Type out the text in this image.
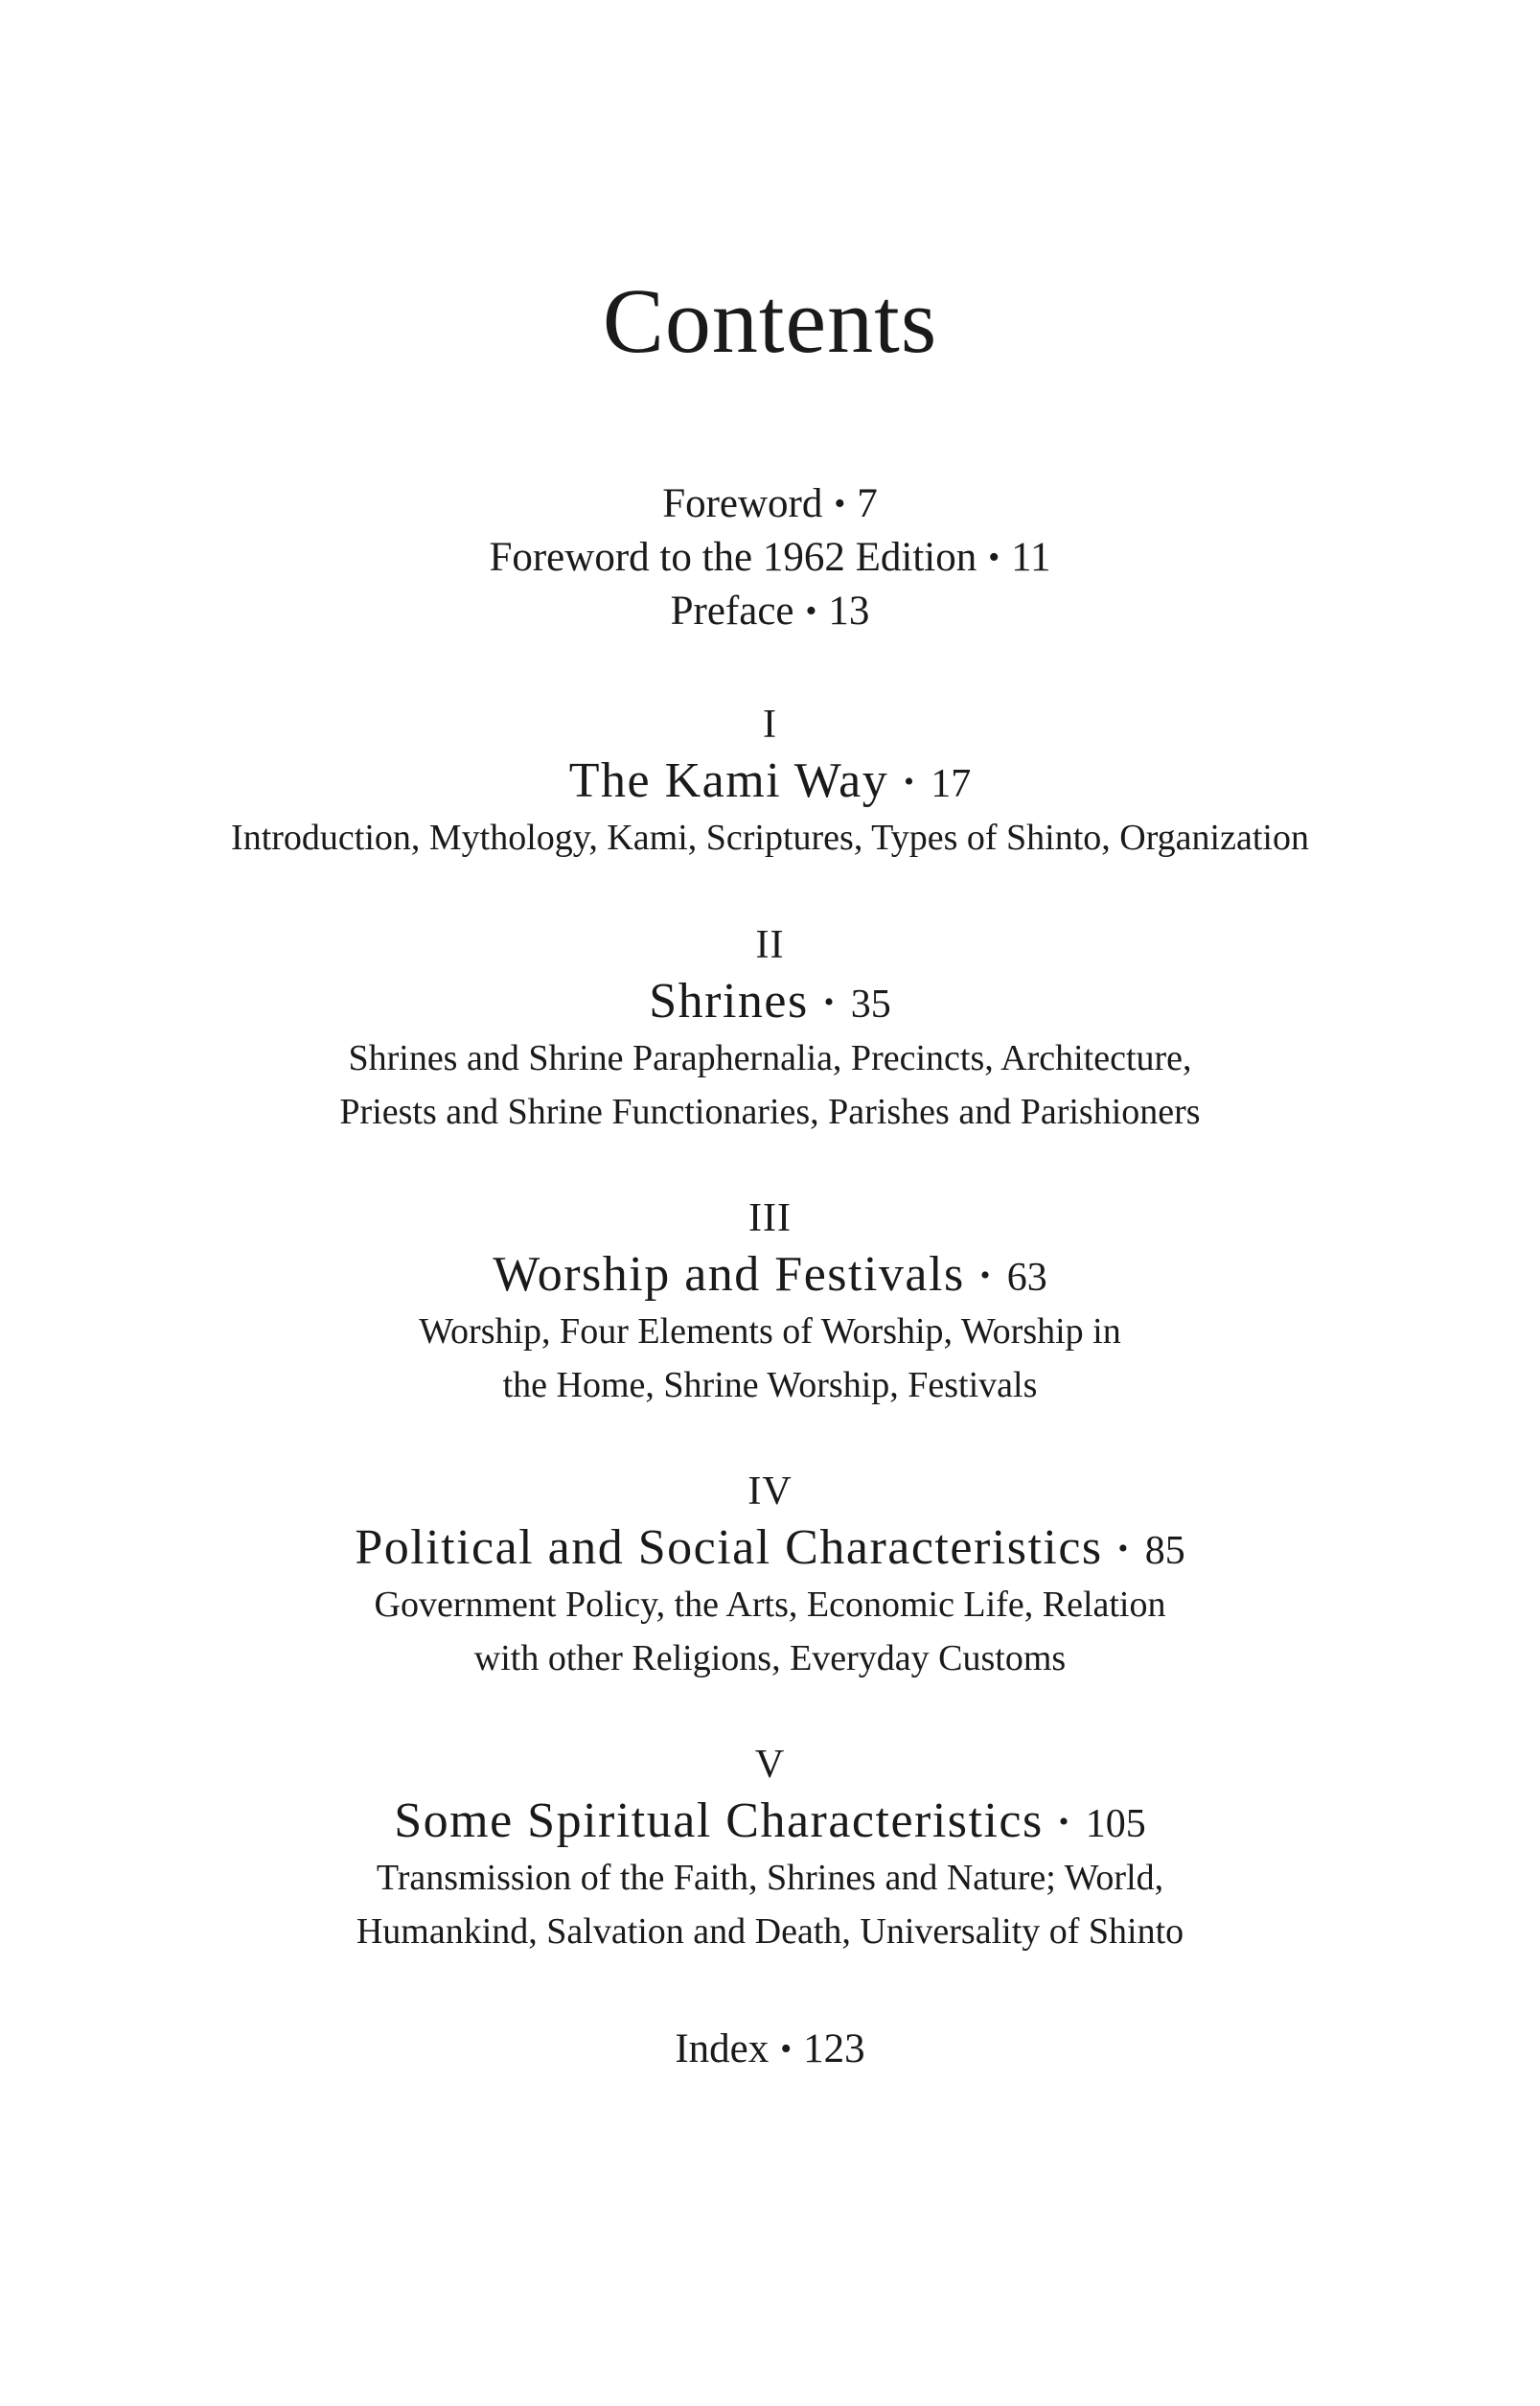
Contents
Foreword • 7
Foreword to the 1962 Edition • 11
Preface • 13
I
The Kami Way • 17
Introduction, Mythology, Kami, Scriptures, Types of Shinto, Organization
II
Shrines • 35
Shrines and Shrine Paraphernalia, Precincts, Architecture,
Priests and Shrine Functionaries, Parishes and Parishioners
III
Worship and Festivals • 63
Worship, Four Elements of Worship, Worship in
the Home, Shrine Worship, Festivals
IV
Political and Social Characteristics • 85
Government Policy, the Arts, Economic Life, Relation
with other Religions, Everyday Customs
V
Some Spiritual Characteristics • 105
Transmission of the Faith, Shrines and Nature; World,
Humankind, Salvation and Death, Universality of Shinto
Index • 123
